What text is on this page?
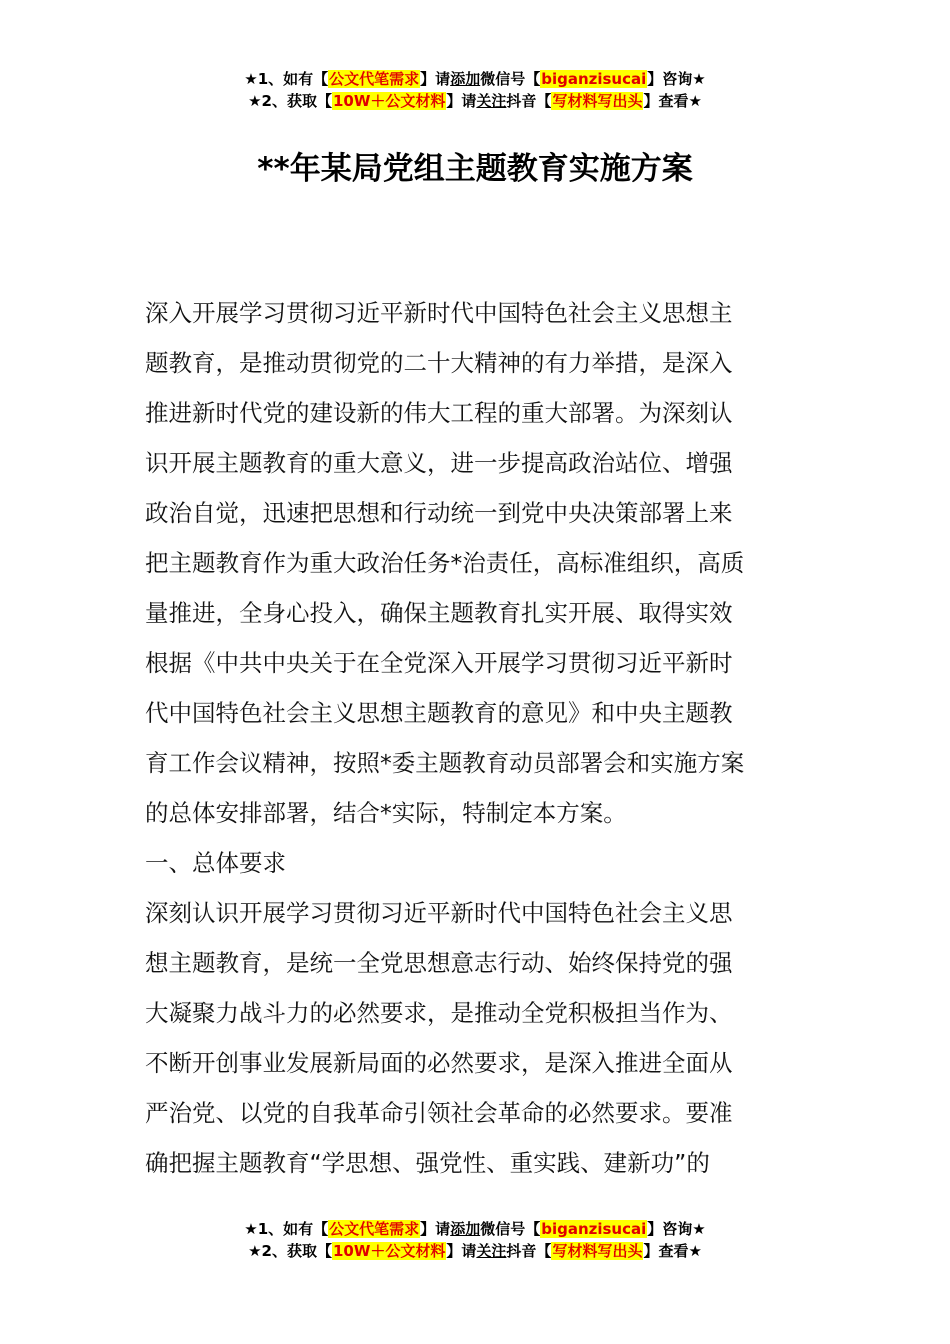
★1、如有【公文代笔需求】请添加微信号【biganzisucai】咨询★
★2、获取【10W＋公文材料】请关注抖音【写材料写出头】查看★
**年某局党组主题教育实施方案
深入开展学习贯彻习近平新时代中国特色社会主义思想主
题教育，是推动贯彻党的二十大精神的有力举措，是深入
推进新时代党的建设新的伟大工程的重大部署。为深刻认
识开展主题教育的重大意义，进一步提高政治站位、增强
政治自觉，迅速把思想和行动统一到党中央决策部署上来
把主题教育作为重大政治任务*治责任，高标准组织，高质
量推进，全身心投入，确保主题教育扎实开展、取得实效
根据《中共中央关于在全党深入开展学习贯彻习近平新时
代中国特色社会主义思想主题教育的意见》和中央主题教
育工作会议精神，按照*委主题教育动员部署会和实施方案
的总体安排部署，结合*实际，特制定本方案。
一、总体要求
深刻认识开展学习贯彻习近平新时代中国特色社会主义思
想主题教育，是统一全党思想意志行动、始终保持党的强
大凝聚力战斗力的必然要求，是推动全党积极担当作为、
不断开创事业发展新局面的必然要求，是深入推进全面从
严治党、以党的自我革命引领社会革命的必然要求。要准
确把握主题教育“学思想、强党性、重实践、建新功”的
★1、如有【公文代笔需求】请添加微信号【biganzisucai】咨询★
★2、获取【10W＋公文材料】请关注抖音【写材料写出头】查看★
